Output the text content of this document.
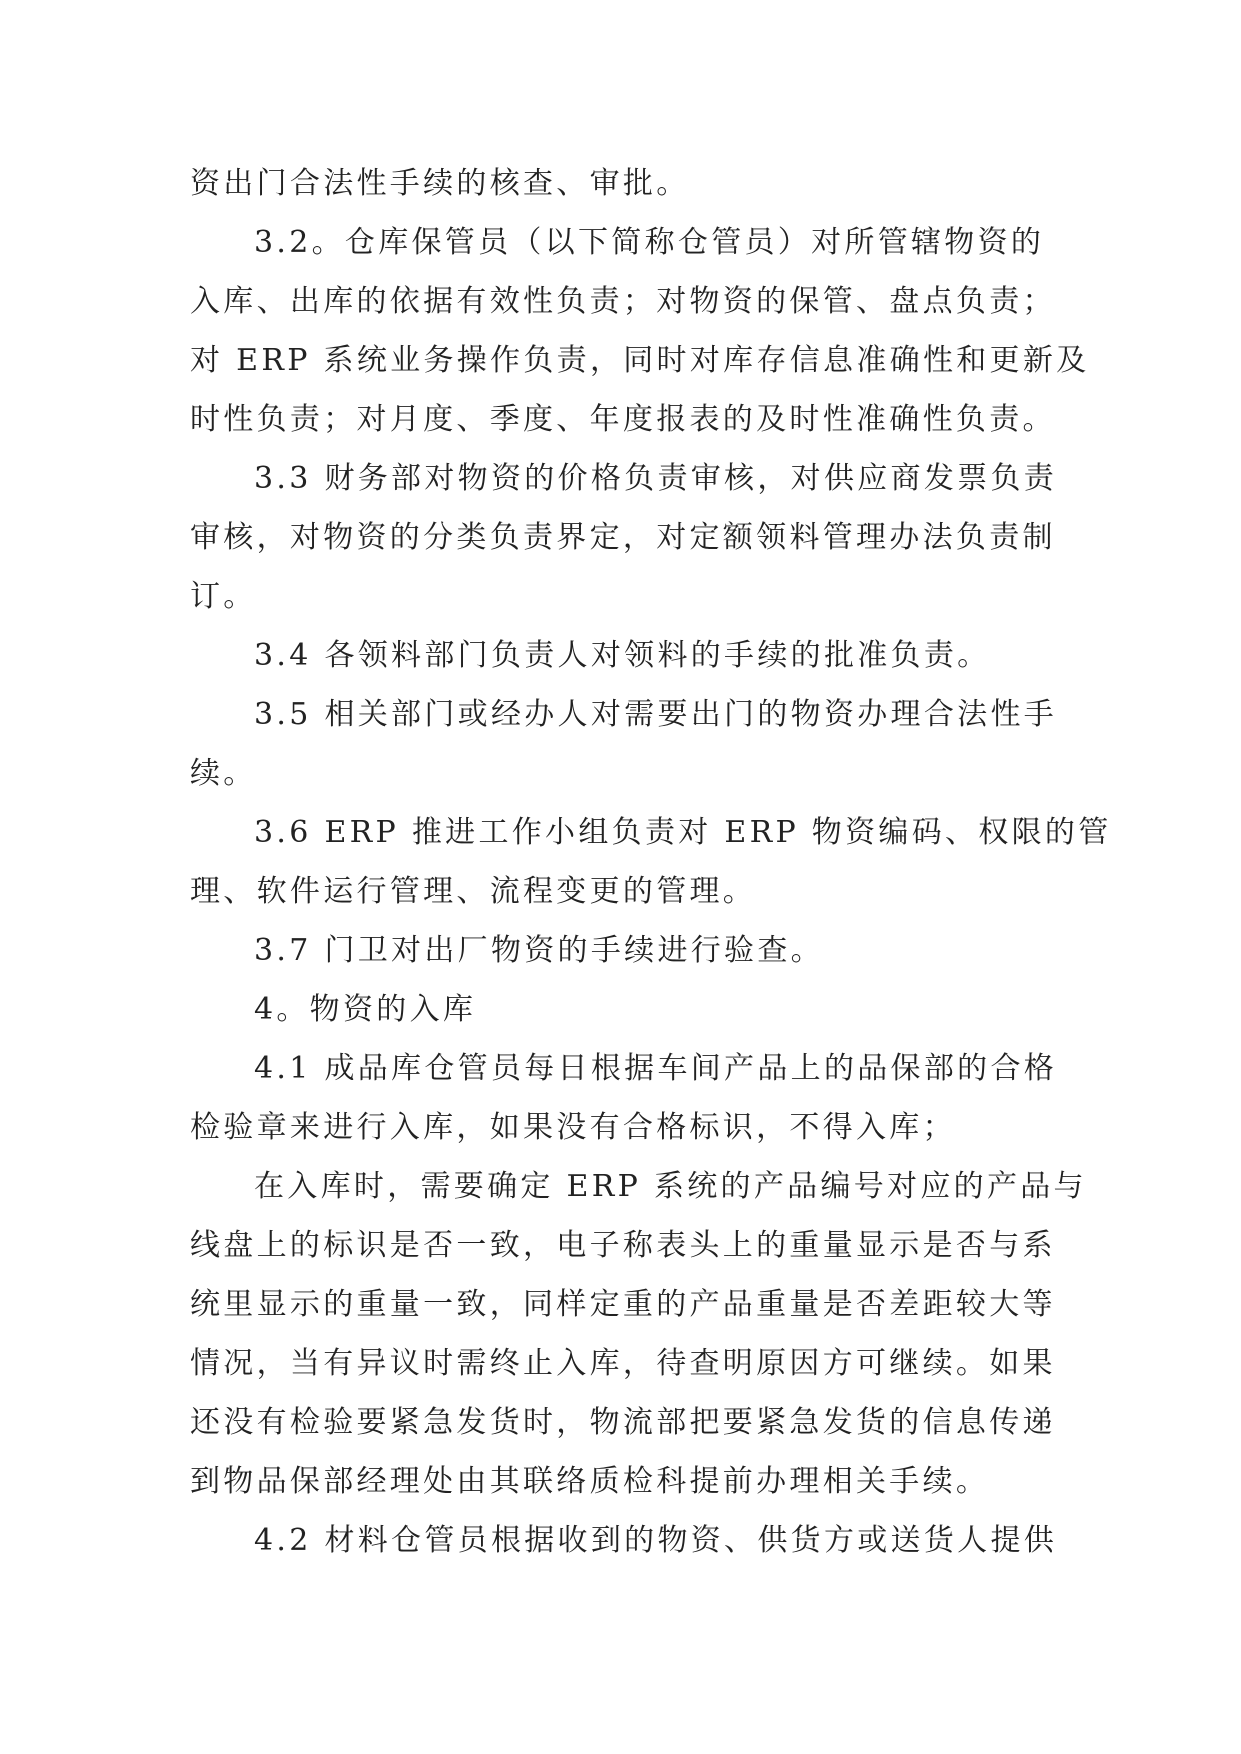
资出门合法性手续的核查、审批。
3.2。仓库保管员（以下简称仓管员）对所管辖物资的
入库、出库的依据有效性负责；对物资的保管、盘点负责；
对 ERP 系统业务操作负责，同时对库存信息准确性和更新及
时性负责；对月度、季度、年度报表的及时性准确性负责。
3.3 财务部对物资的价格负责审核，对供应商发票负责
审核，对物资的分类负责界定，对定额领料管理办法负责制
订。
3.4 各领料部门负责人对领料的手续的批准负责。
3.5 相关部门或经办人对需要出门的物资办理合法性手
续。
3.6 ERP 推进工作小组负责对 ERP 物资编码、权限的管
理、软件运行管理、流程变更的管理。
3.7 门卫对出厂物资的手续进行验查。
4。物资的入库
4.1 成品库仓管员每日根据车间产品上的品保部的合格
检验章来进行入库，如果没有合格标识，不得入库；
在入库时，需要确定 ERP 系统的产品编号对应的产品与
线盘上的标识是否一致，电子称表头上的重量显示是否与系
统里显示的重量一致，同样定重的产品重量是否差距较大等
情况，当有异议时需终止入库，待查明原因方可继续。如果
还没有检验要紧急发货时，物流部把要紧急发货的信息传递
到物品保部经理处由其联络质检科提前办理相关手续。
4.2 材料仓管员根据收到的物资、供货方或送货人提供
